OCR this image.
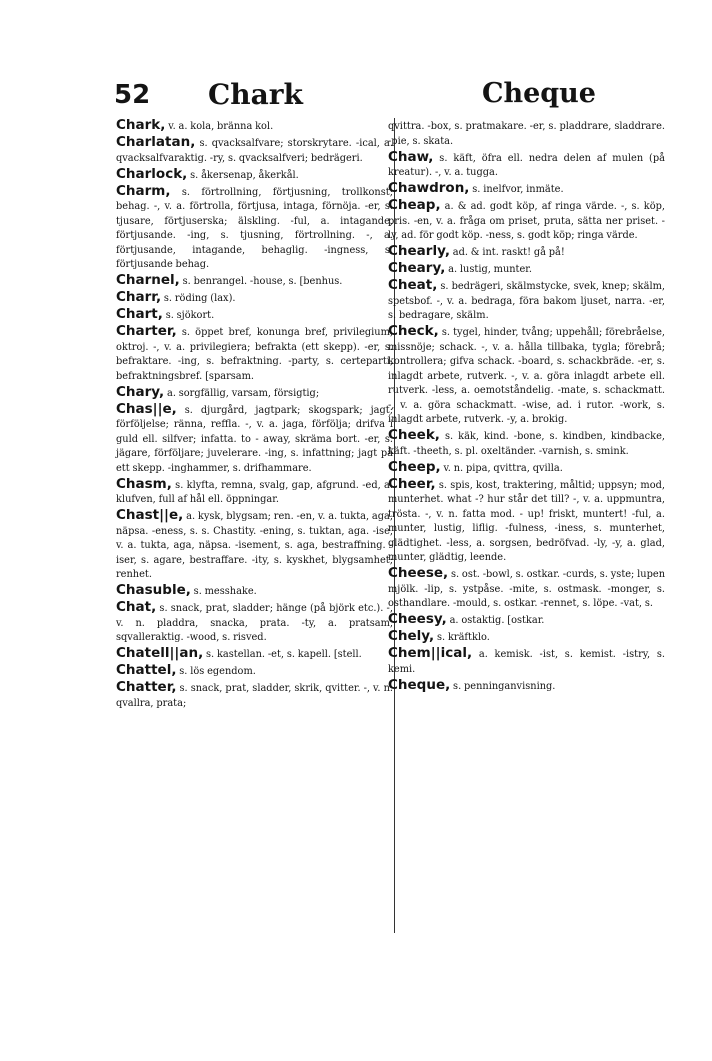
52 Chark	Cheque

Chark, v. a. kola, bränna kol.

Charlatan, s. qvacksalfvare; storskrytare. -ical, a. qvacksalfvaraktig. -ry, s. qvacksalfveri; bedrägeri.

Charlock, s. åkersenap, åkerkål.

Charm, s. förtrollning, förtjusning, trollkonst; behag. -, v. a. förtrolla, förtjusa, intaga, förnöja. -er, s. tjusare, förtjuserska; älskling. -ful, a. intagande, förtjusande. -ing, s. tjusning, förtrollning. -, a. förtjusande, intagande, behaglig. -ingness, s. förtjusande behag.

Charnel, s. benrangel. -house, s. [benhus.

Charr, s. röding (lax).

Chart, s. sjökort.

Charter, s. öppet bref, konunga bref, privilegium, oktroj. -, v. a. privilegiera; befrakta (ett skepp). -er, s. befraktare. -ing, s. befraktning. -party, s. certeparti, befraktningsbref. [sparsam.

Chary, a. sorgfällig, varsam, försigtig;

Chas||e, s. djurgård, jagtpark; skogspark; jagt; förföljelse; ränna, reffla. -, v. a. jaga, förfölja; drifva i guld ell. silfver; infatta. to - away, skräma bort. -er, s. jägare, förföljare; juvelerare. -ing, s. infattning; jagt på ett skepp. -inghammer, s. drifhammare.

Chasm, s. klyfta, remna, svalg, gap, afgrund. -ed, a. klufven, full af hål ell. öppningar.

Chast||e, a. kysk, blygsam; ren. -en, v. a. tukta, aga, näpsa. -eness, s. s. Chastity. -ening, s. tuktan, aga. -ise, v. a. tukta, aga, näpsa. -isement, s. aga, bestraffning. -iser, s. agare, bestraffare. -ity, s. kyskhet, blygsamhet; renhet.

Chasuble, s. messhake.

Chat, s. snack, prat, sladder; hänge (på björk etc.). -, v. n. pladdra, snacka, prata. -ty, a. pratsam, sqvalleraktig. -wood, s. risved.

Chatell||an, s. kastellan. -et, s. kapell. [stell.

Chattel, s. lös egendom.

Chatter, s. snack, prat, sladder, skrik, qvitter. -, v. n. qvallra, prata;

qvittra. -box, s. pratmakare. -er, s. pladdrare, sladdrare. -pie, s. skata.

Chaw, s. käft, öfra ell. nedra delen af mulen (på kreatur). -, v. a. tugga.

Chawdron, s. inelfvor, inmäte.

Cheap, a. & ad. godt köp, af ringa värde. -, s. köp, pris. -en, v. a. fråga om priset, pruta, sätta ner priset. -ly, ad. för godt köp. -ness, s. godt köp; ringa värde.

Chearly, ad. & int. raskt! gå på!

Cheary, a. lustig, munter.

Cheat, s. bedrägeri, skälmstycke, svek, knep; skälm, spetsbof. -, v. a. bedraga, föra bakom ljuset, narra. -er, s. bedragare, skälm.

Check, s. tygel, hinder, tvång; uppehåll; förebråelse, missnöje; schack. -, v. a. hålla tillbaka, tygla; förebrå; kontrollera; gifva schack. -board, s. schackbräde. -er, s. inlagdt arbete, rutverk. -, v. a. göra inlagdt arbete ell. rutverk. -less, a. oemotståndelig. -mate, s. schackmatt. -, v. a. göra schackmatt. -wise, ad. i rutor. -work, s. inlagdt arbete, rutverk. -y, a. brokig.

Cheek, s. käk, kind. -bone, s. kindben, kindbacke, käft. -theeth, s. pl. oxeltänder. -varnish, s. smink.

Cheep, v. n. pipa, qvittra, qvilla.

Cheer, s. spis, kost, traktering, måltid; uppsyn; mod, munterhet. what -? hur står det till? -, v. a. uppmuntra, trösta. -, v. n. fatta mod. - up! friskt, muntert! -ful, a. munter, lustig, liflig. -fulness, -iness, s. munterhet, glädtighet. -less, a. sorgsen, bedröfvad. -ly, -y, a. glad, munter, glädtig, leende.

Cheese, s. ost. -bowl, s. ostkar. -curds, s. yste; lupen mjölk. -lip, s. ystpåse. -mite, s. ostmask. -monger, s. osthandlare. -mould, s. ostkar. -rennet, s. löpe. -vat, s.

Cheesy, a. ostaktig. [ostkar.

Chely, s. kräftklo.

Chem||ical, a. kemisk. -ist, s. kemist. -istry, s. kemi.

Cheque, s. penninganvisning.
